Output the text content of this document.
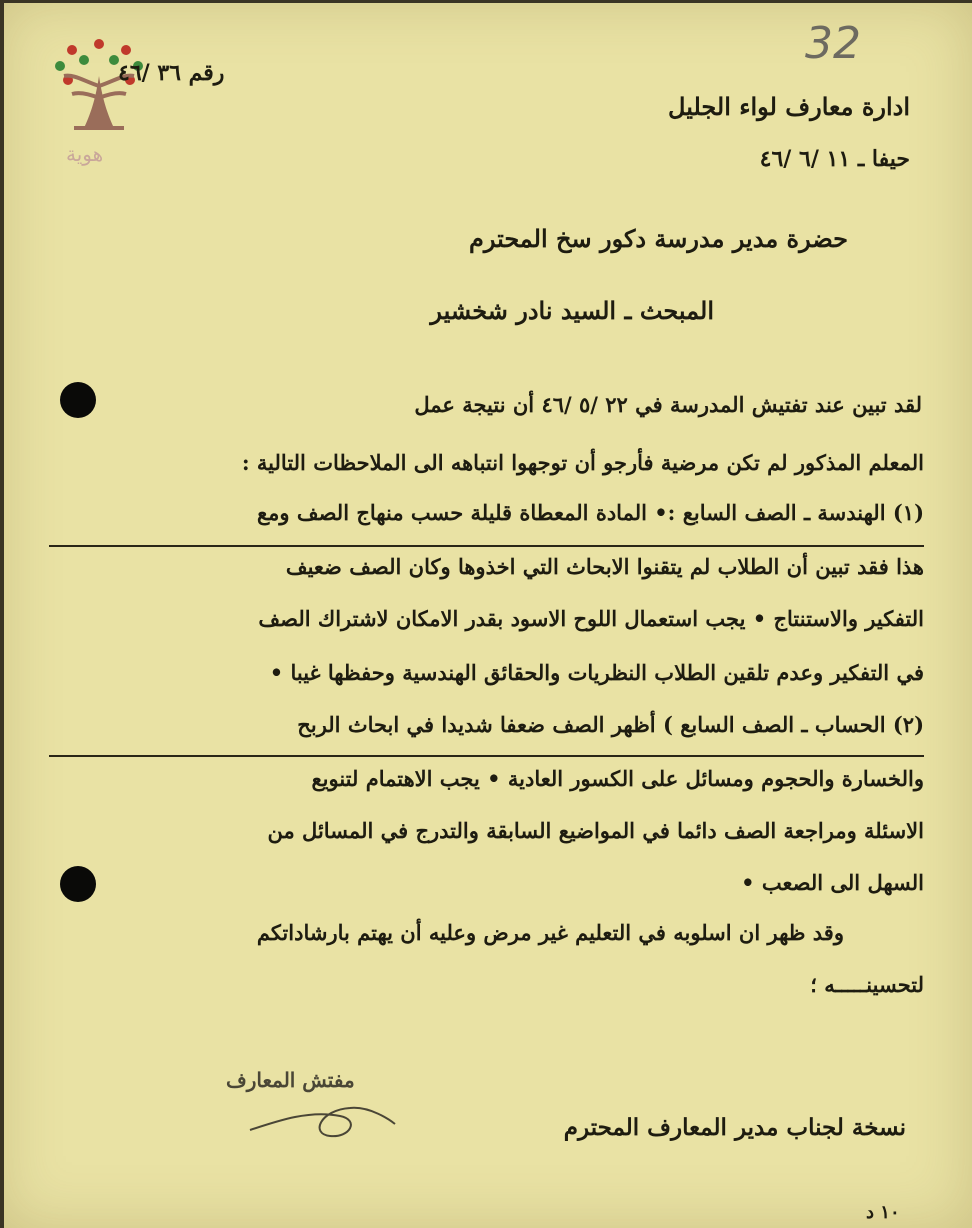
32
هوية
رقم ٣٦ /٤٦
ادارة معارف لواء الجليل
حيفا ـ ١١ /٦ /٤٦
حضرة مدير مدرسة دكور سخ المحترم
المبحث ـ السيد نادر شخشير
لقد تبين عند تفتيش المدرسة في ٢٢ /٥ /٤٦ أن نتيجة عمل
المعلم المذكور لم تكن مرضية فأرجو أن توجهوا انتباهه الى الملاحظات التالية :
(١) الهندسة ـ الصف السابع :• المادة المعطاة قليلة حسب منهاج الصف ومع
هذا فقد تبين أن الطلاب لم يتقنوا الابحاث التي اخذوها وكان الصف ضعيف
التفكير والاستنتاج • يجب استعمال اللوح الاسود بقدر الامكان لاشتراك الصف
في التفكير وعدم تلقين الطلاب النظريات والحقائق الهندسية وحفظها غيبا •
(٢) الحساب ـ الصف السابع ) أظهر الصف ضعفا شديدا في ابحاث الربح
والخسارة والحجوم ومسائل على الكسور العادية • يجب الاهتمام لتنويع
الاسئلة ومراجعة الصف دائما في المواضيع السابقة والتدرج في المسائل من
السهل الى الصعب •
وقد ظهر ان اسلوبه في التعليم غير مرض وعليه أن يهتم بارشاداتكم
لتحسينـــــه ؛
مفتش المعارف
نسخة لجناب مدير المعارف المحترم
١٠ د
